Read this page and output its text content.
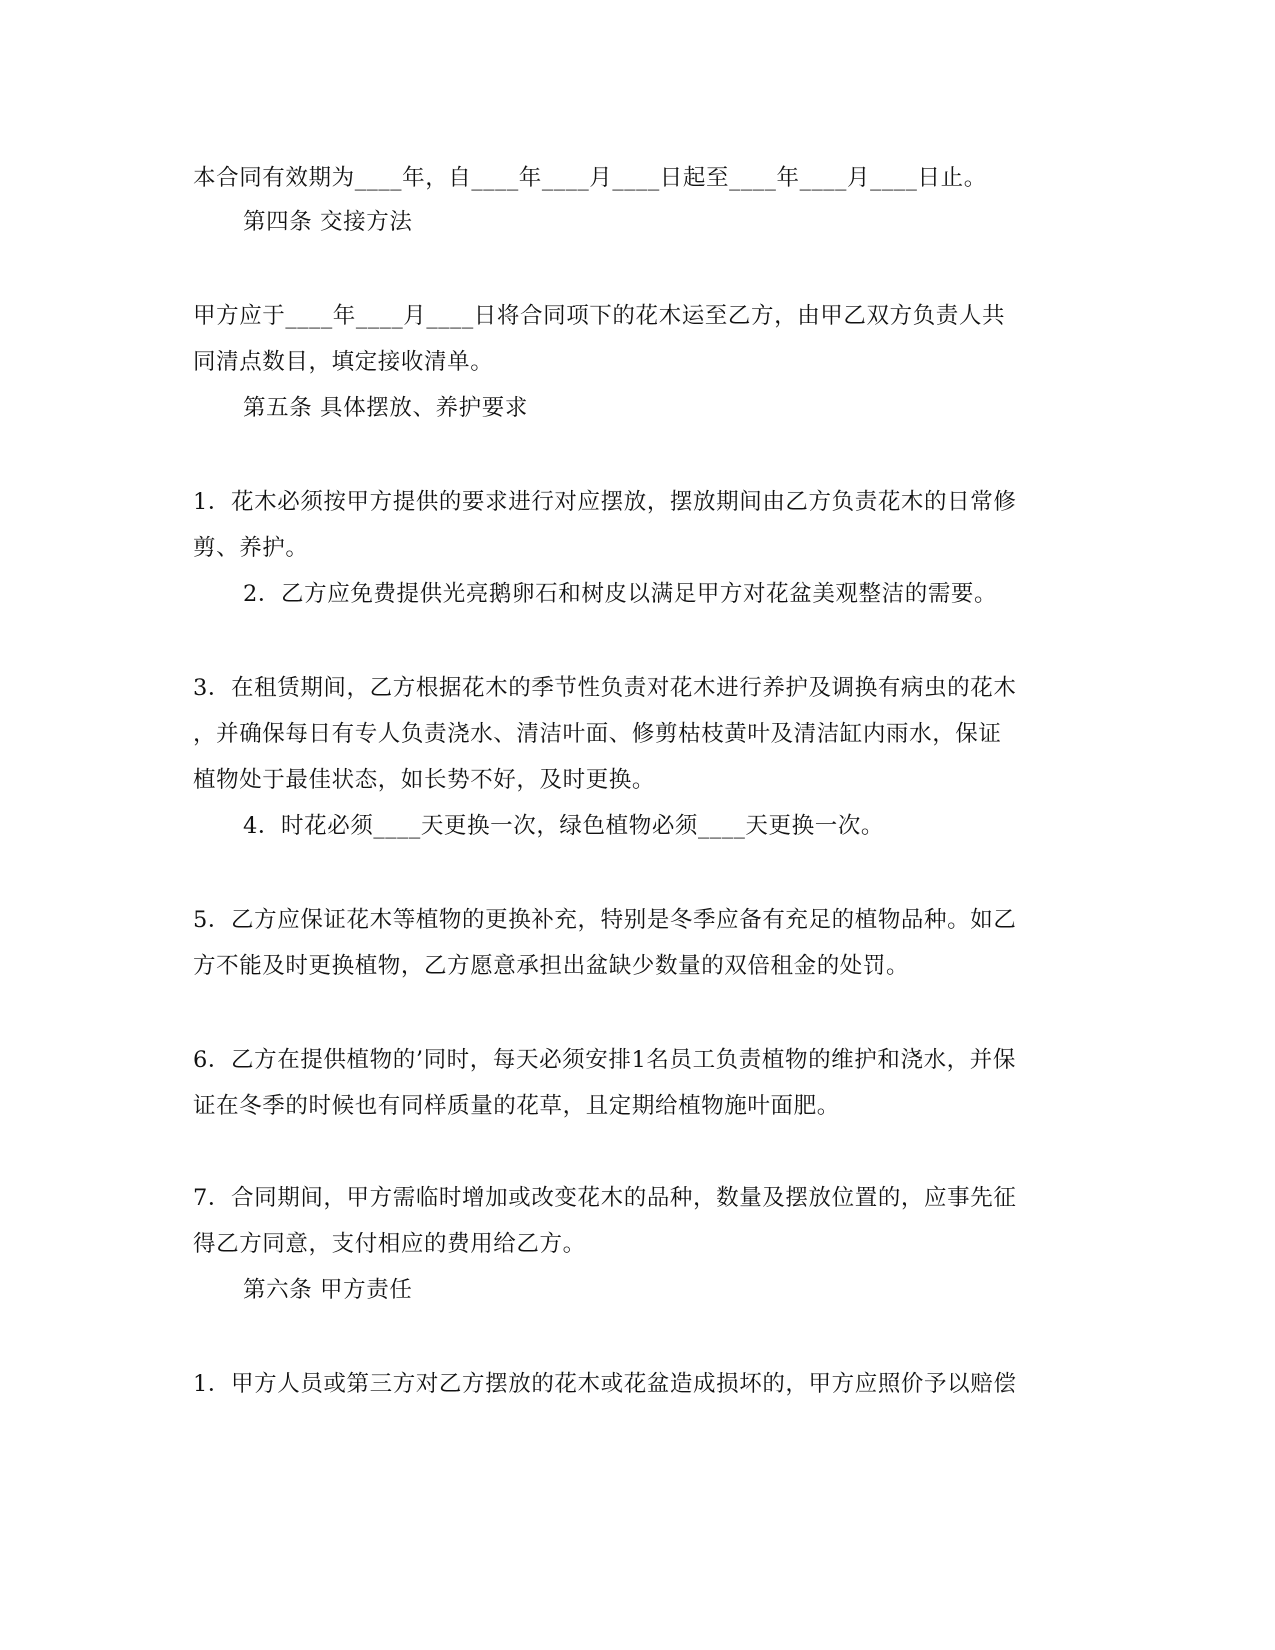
本合同有效期为____年，自____年____月____日起至____年____月____日止。
第四条 交接方法
甲方应于____年____月____日将合同项下的花木运至乙方，由甲乙双方负责人共
同清点数目，填定接收清单。
第五条 具体摆放、养护要求
1．花木必须按甲方提供的要求进行对应摆放，摆放期间由乙方负责花木的日常修
剪、养护。
2．乙方应免费提供光亮鹅卵石和树皮以满足甲方对花盆美观整洁的需要。
3．在租赁期间，乙方根据花木的季节性负责对花木进行养护及调换有病虫的花木
，并确保每日有专人负责浇水、清洁叶面、修剪枯枝黄叶及清洁缸内雨水，保证
植物处于最佳状态，如长势不好，及时更换。
4．时花必须____天更换一次，绿色植物必须____天更换一次。
5．乙方应保证花木等植物的更换补充，特别是冬季应备有充足的植物品种。如乙
方不能及时更换植物，乙方愿意承担出盆缺少数量的双倍租金的处罚。
6．乙方在提供植物的’同时，每天必须安排1名员工负责植物的维护和浇水，并保
证在冬季的时候也有同样质量的花草，且定期给植物施叶面肥。
7．合同期间，甲方需临时增加或改变花木的品种，数量及摆放位置的，应事先征
得乙方同意，支付相应的费用给乙方。
第六条 甲方责任
1．甲方人员或第三方对乙方摆放的花木或花盆造成损坏的，甲方应照价予以赔偿
